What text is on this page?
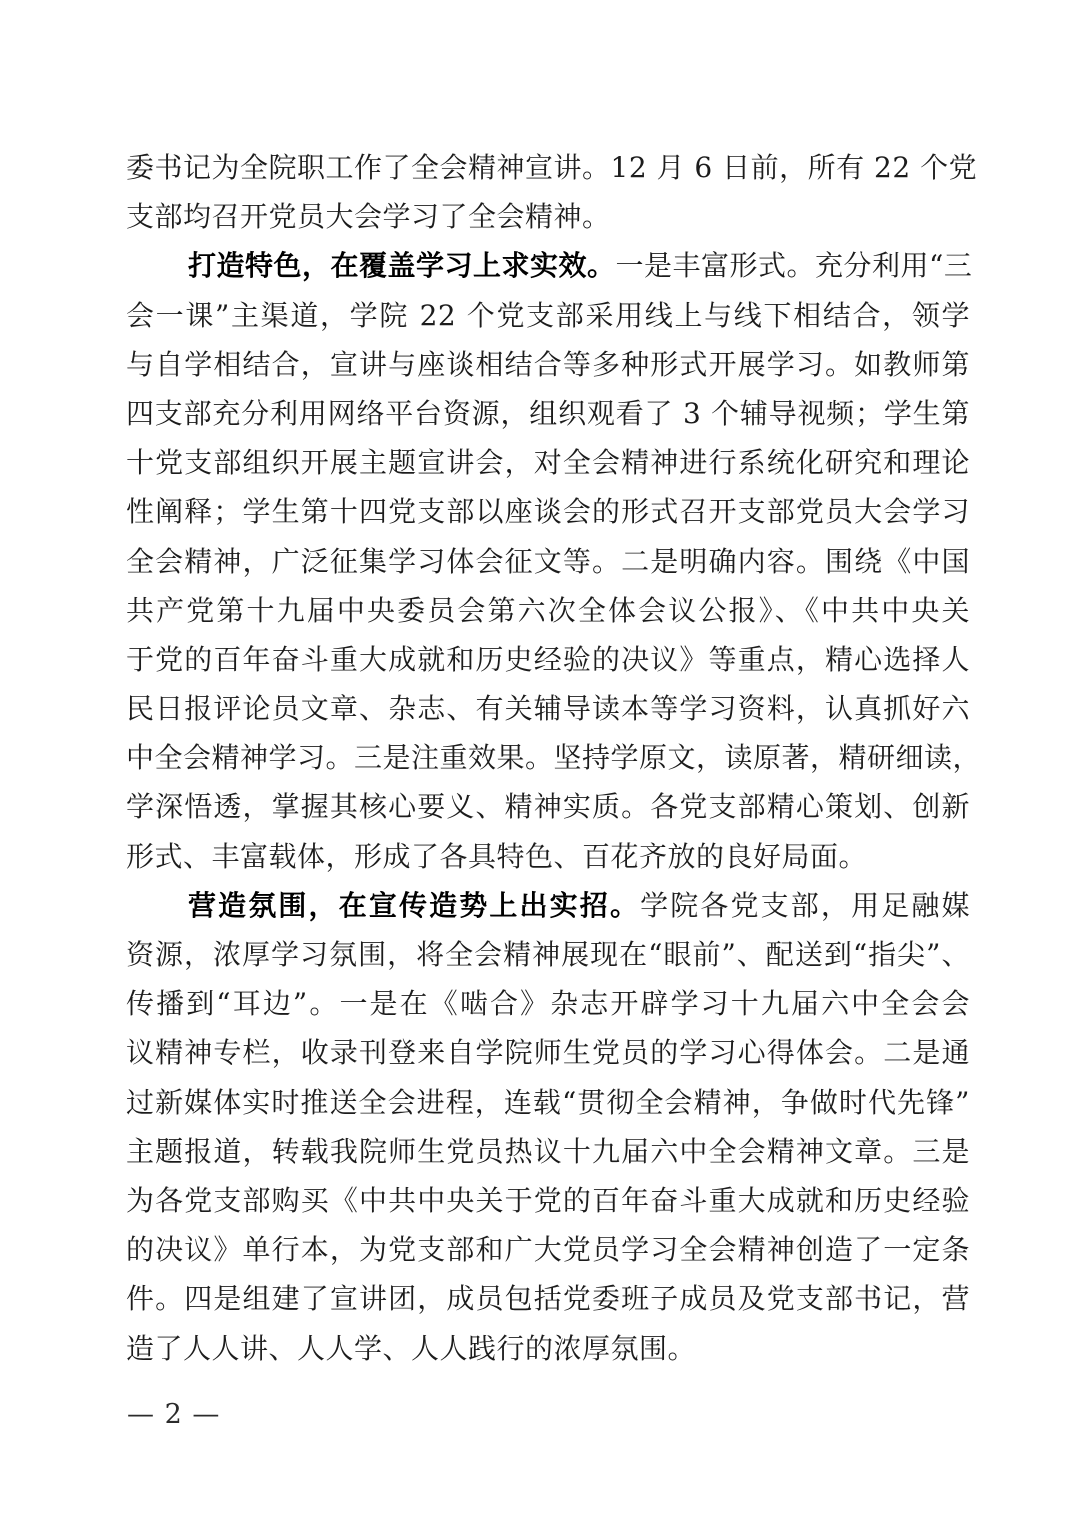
委书记为全院职工作了全会精神宣讲。12 月 6 日前，所有 22 个党
支部均召开党员大会学习了全会精神。
打造特色，在覆盖学习上求实效。一是丰富形式。充分利用“三
会一课”主渠道，学院 22 个党支部采用线上与线下相结合，领学
与自学相结合，宣讲与座谈相结合等多种形式开展学习。如教师第
四支部充分利用网络平台资源，组织观看了 3 个辅导视频；学生第
十党支部组织开展主题宣讲会，对全会精神进行系统化研究和理论
性阐释；学生第十四党支部以座谈会的形式召开支部党员大会学习
全会精神，广泛征集学习体会征文等。二是明确内容。围绕《中国
共产党第十九届中央委员会第六次全体会议公报》、《中共中央关
于党的百年奋斗重大成就和历史经验的决议》等重点，精心选择人
民日报评论员文章、杂志、有关辅导读本等学习资料，认真抓好六
中全会精神学习。三是注重效果。坚持学原文，读原著，精研细读，
学深悟透，掌握其核心要义、精神实质。各党支部精心策划、创新
形式、丰富载体，形成了各具特色、百花齐放的良好局面。
营造氛围，在宣传造势上出实招。学院各党支部，用足融媒
资源，浓厚学习氛围，将全会精神展现在“眼前”、配送到“指尖”、
传播到“耳边”。一是在《啮合》杂志开辟学习十九届六中全会会
议精神专栏，收录刊登来自学院师生党员的学习心得体会。二是通
过新媒体实时推送全会进程，连载“贯彻全会精神，争做时代先锋”
主题报道，转载我院师生党员热议十九届六中全会精神文章。三是
为各党支部购买《中共中央关于党的百年奋斗重大成就和历史经验
的决议》单行本，为党支部和广大党员学习全会精神创造了一定条
件。四是组建了宣讲团，成员包括党委班子成员及党支部书记，营
造了人人讲、人人学、人人践行的浓厚氛围。
— 2 —
